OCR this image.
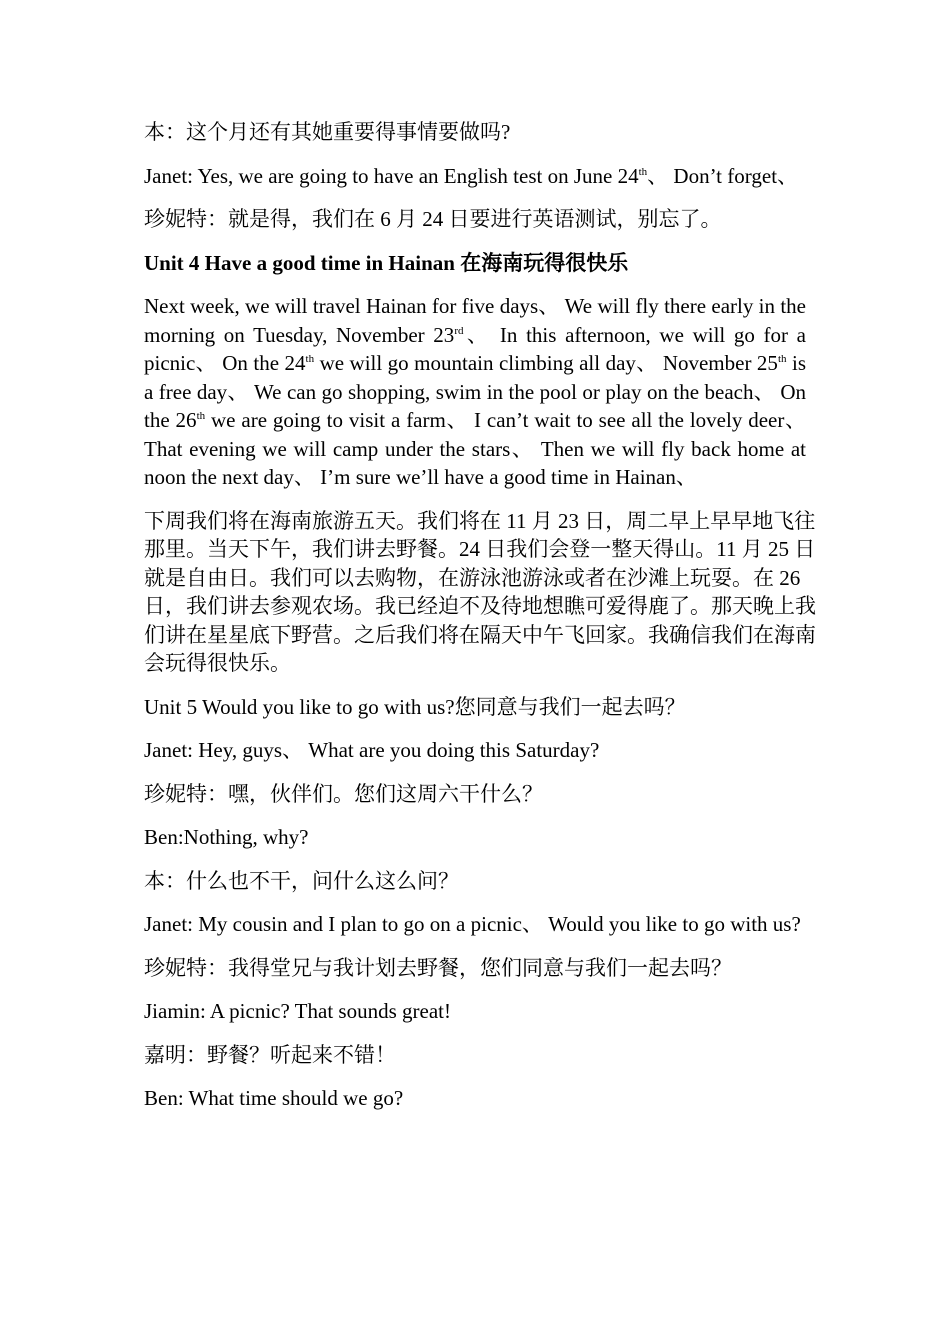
本：这个月还有其她重要得事情要做吗?

Janet: Yes, we are going to have an English test on June 24th、 Don’t forget、

珍妮特：就是得，我们在 6 月 24 日要进行英语测试，别忘了。

Unit 4 Have a good time in Hainan 在海南玩得很快乐

Next week, we will travel Hainan for five days、 We will fly there early in the morning on Tuesday, November 23rd、 In this afternoon, we will go for a picnic、 On the 24th we will go mountain climbing all day、 November 25th is a free day、 We can go shopping, swim in the pool or play on the beach、 On the 26th we are going to visit a farm、 I can’t wait to see all the lovely deer、 That evening we will camp under the stars、 Then we will fly back home at noon the next day、 I’m sure we’ll have a good time in Hainan、

下周我们将在海南旅游五天。我们将在 11 月 23 日，周二早上早早地飞往那里。当天下午，我们讲去野餐。24 日我们会登一整天得山。11 月 25 日就是自由日。我们可以去购物，在游泳池游泳或者在沙滩上玩耍。在 26 日，我们讲去参观农场。我已经迫不及待地想瞧可爱得鹿了。那天晚上我们讲在星星底下野营。之后我们将在隔天中午飞回家。我确信我们在海南会玩得很快乐。

Unit 5 Would you like to go with us?您同意与我们一起去吗？

Janet: Hey, guys、 What are you doing this Saturday?

珍妮特：嘿，伙伴们。您们这周六干什么？

Ben:Nothing, why?

本：什么也不干，问什么这么问？

Janet: My cousin and I plan to go on a picnic、 Would you like to go with us?

珍妮特：我得堂兄与我计划去野餐，您们同意与我们一起去吗？

Jiamin: A picnic? That sounds great!

嘉明：野餐？听起来不错！

Ben: What time should we go?
